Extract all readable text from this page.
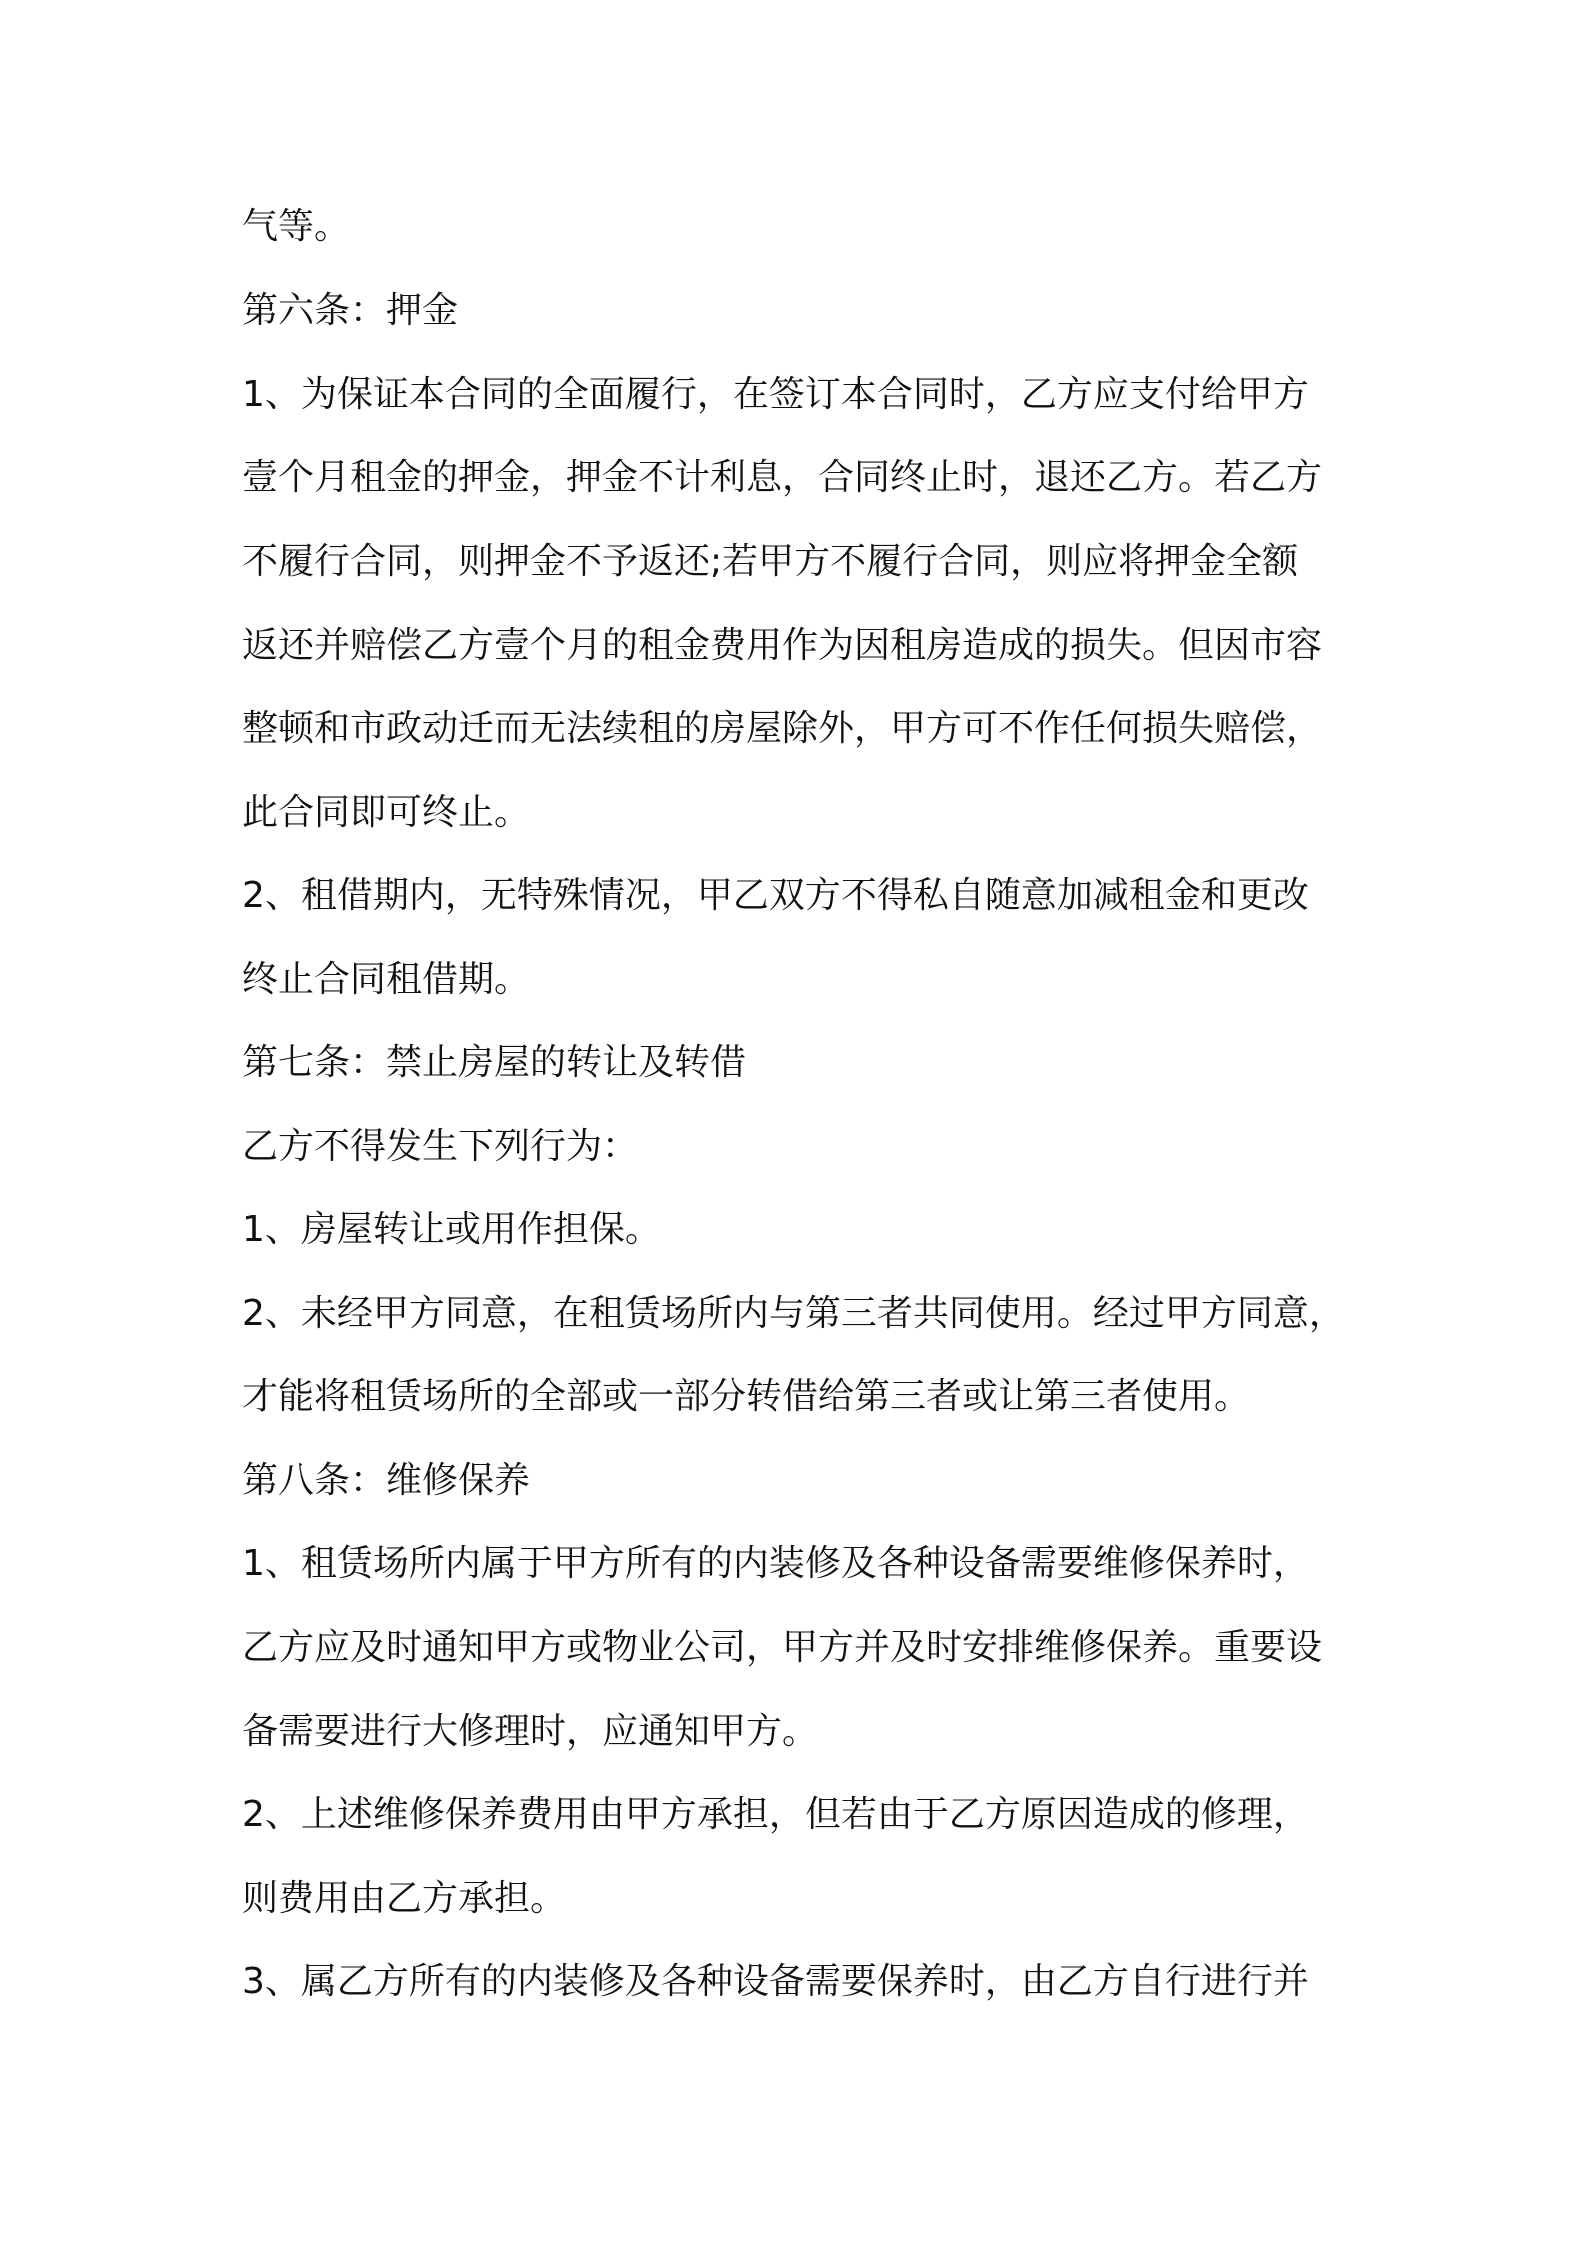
气等。

第六条：押金

1、为保证本合同的全面履行，在签订本合同时，乙方应支付给甲方

壹个月租金的押金，押金不计利息，合同终止时，退还乙方。若乙方

不履行合同，则押金不予返还;若甲方不履行合同，则应将押金全额

返还并赔偿乙方壹个月的租金费用作为因租房造成的损失。但因市容

整顿和市政动迁而无法续租的房屋除外，甲方可不作任何损失赔偿，

此合同即可终止。

2、租借期内，无特殊情况，甲乙双方不得私自随意加减租金和更改

终止合同租借期。

第七条：禁止房屋的转让及转借

乙方不得发生下列行为：

1、房屋转让或用作担保。

2、未经甲方同意，在租赁场所内与第三者共同使用。经过甲方同意，

才能将租赁场所的全部或一部分转借给第三者或让第三者使用。

第八条：维修保养

1、租赁场所内属于甲方所有的内装修及各种设备需要维修保养时，

乙方应及时通知甲方或物业公司，甲方并及时安排维修保养。重要设

备需要进行大修理时，应通知甲方。

2、上述维修保养费用由甲方承担，但若由于乙方原因造成的修理，

则费用由乙方承担。

3、属乙方所有的内装修及各种设备需要保养时，由乙方自行进行并
